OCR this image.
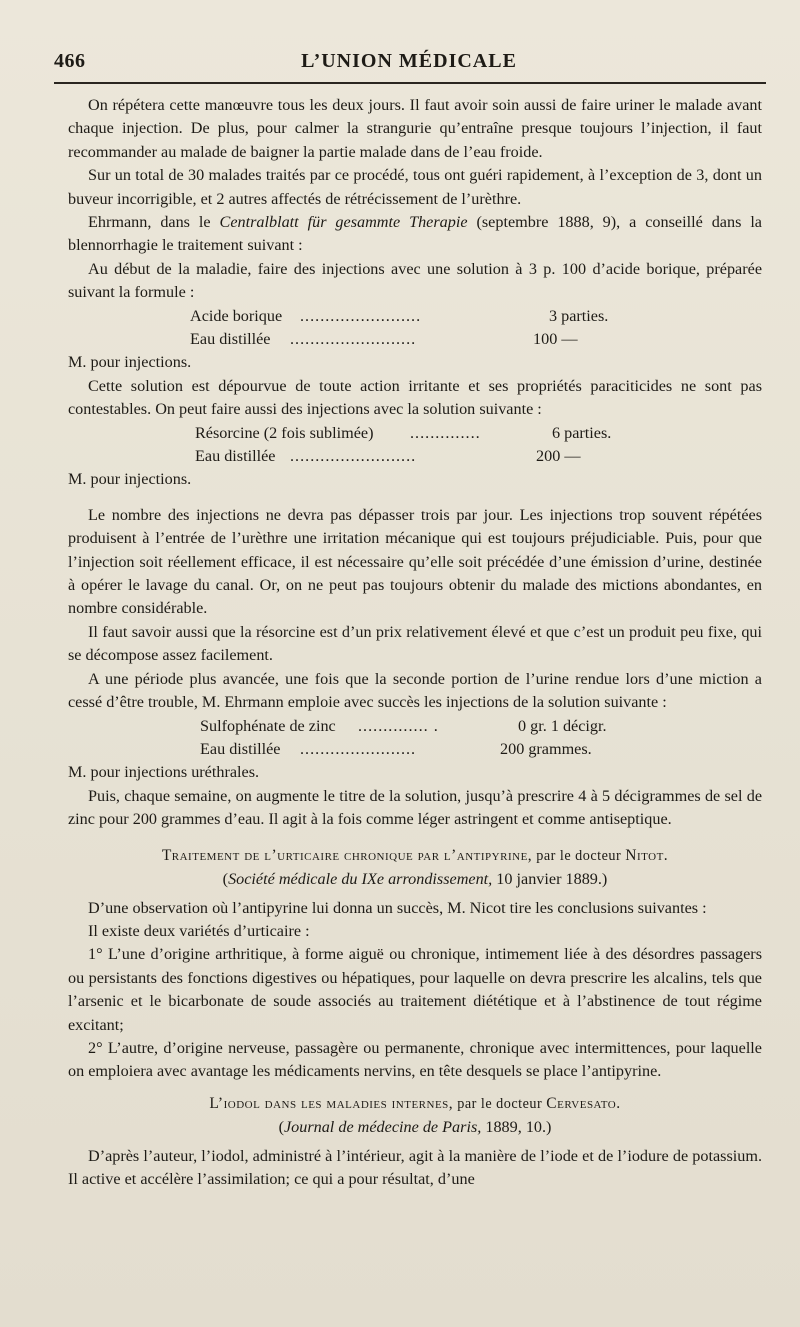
466	L’UNION MÉDICALE

On répétera cette manœuvre tous les deux jours. Il faut avoir soin aussi de faire uriner le malade avant chaque injection. De plus, pour calmer la strangurie qu’entraîne presque toujours l’injection, il faut recommander au malade de baigner la partie malade dans de l’eau froide.

Sur un total de 30 malades traités par ce procédé, tous ont guéri rapidement, à l’exception de 3, dont un buveur incorrigible, et 2 autres affectés de rétrécissement de l’urèthre.

Ehrmann, dans le Centralblatt für gesammte Therapie (septembre 1888, 9), a conseillé dans la blennorrhagie le traitement suivant :

Au début de la maladie, faire des injections avec une solution à 3 p. 100 d’acide borique, préparée suivant la formule :

Acide borique ........................	3 parties.
Eau distillée .........................	100 —

M. pour injections.

Cette solution est dépourvue de toute action irritante et ses propriétés paraciticides ne sont pas contestables. On peut faire aussi des injections avec la solution suivante :

Résorcine (2 fois sublimée) ..............	6 parties.
Eau distillée .........................	200 —

M. pour injections.

Le nombre des injections ne devra pas dépasser trois par jour. Les injections trop souvent répétées produisent à l’entrée de l’urèthre une irritation mécanique qui est toujours préjudiciable. Puis, pour que l’injection soit réellement efficace, il est nécessaire qu’elle soit précédée d’une émission d’urine, destinée à opérer le lavage du canal. Or, on ne peut pas toujours obtenir du malade des mictions abondantes, en nombre considérable.

Il faut savoir aussi que la résorcine est d’un prix relativement élevé et que c’est un produit peu fixe, qui se décompose assez facilement.

A une période plus avancée, une fois que la seconde portion de l’urine rendue lors d’une miction a cessé d’être trouble, M. Ehrmann emploie avec succès les injections de la solution suivante :

Sulfophénate de zinc .............. .	0 gr. 1 décigr.
Eau distillée .......................	200 grammes.

M. pour injections uréthrales.

Puis, chaque semaine, on augmente le titre de la solution, jusqu’à prescrire 4 à 5 décigrammes de sel de zinc pour 200 grammes d’eau. Il agit à la fois comme léger astringent et comme antiseptique.

Traitement de l’urticaire chronique par l’antipyrine, par le docteur Nitot.

(Société médicale du IXe arrondissement, 10 janvier 1889.)

D’une observation où l’antipyrine lui donna un succès, M. Nicot tire les conclusions suivantes :

Il existe deux variétés d’urticaire :

1° L’une d’origine arthritique, à forme aiguë ou chronique, intimement liée à des désordres passagers ou persistants des fonctions digestives ou hépatiques, pour laquelle on devra prescrire les alcalins, tels que l’arsenic et le bicarbonate de soude associés au traitement diététique et à l’abstinence de tout régime excitant;

2° L’autre, d’origine nerveuse, passagère ou permanente, chronique avec intermittences, pour laquelle on emploiera avec avantage les médicaments nervins, en tête desquels se place l’antipyrine.

L’iodol dans les maladies internes, par le docteur Cervesato.

(Journal de médecine de Paris, 1889, 10.)

D’après l’auteur, l’iodol, administré à l’intérieur, agit à la manière de l’iode et de l’iodure de potassium. Il active et accélère l’assimilation; ce qui a pour résultat, d’une
